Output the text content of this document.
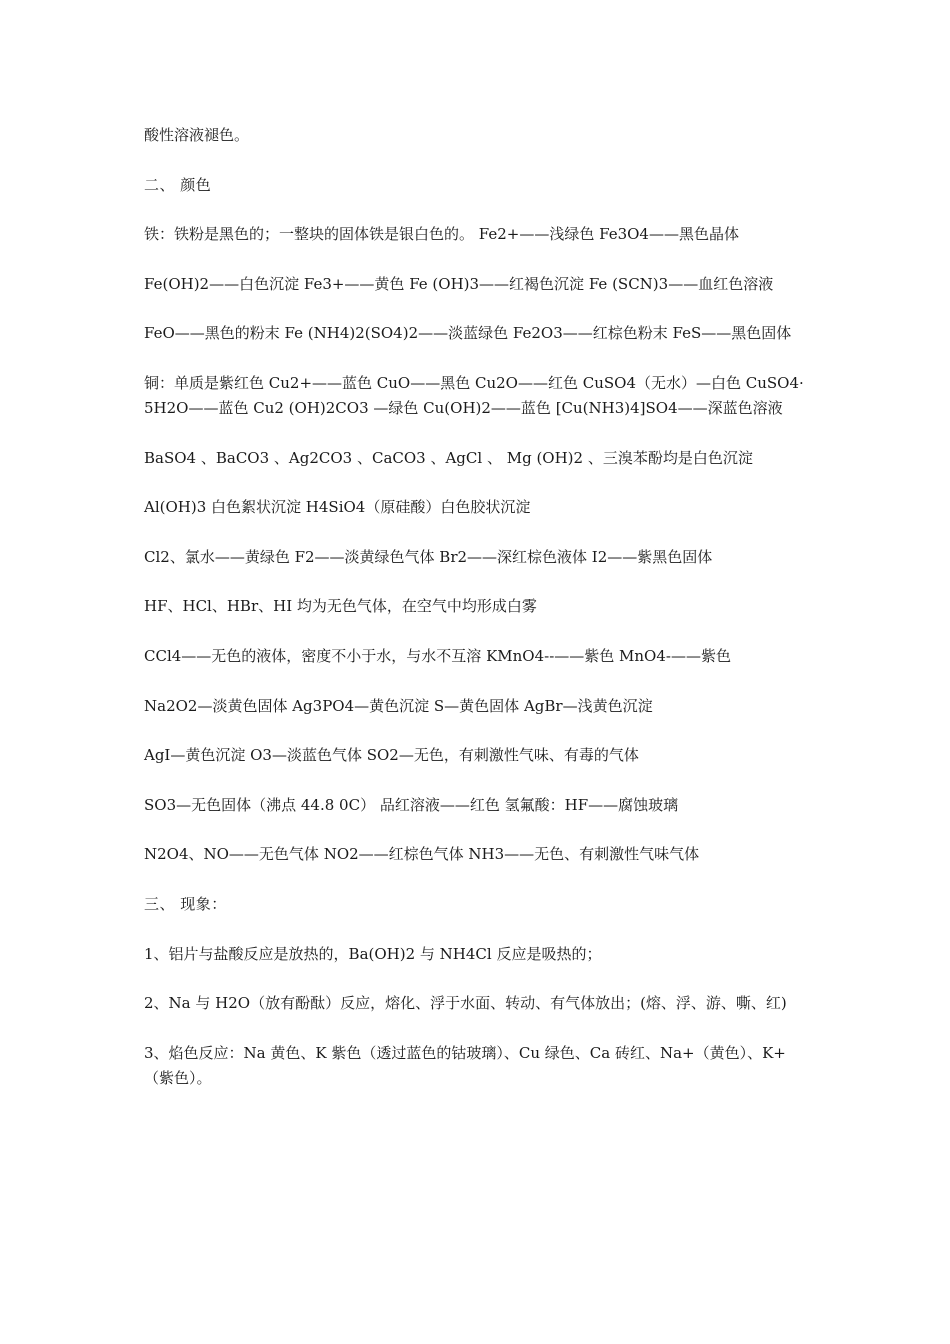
酸性溶液褪色。

二、 颜色

铁：铁粉是黑色的；一整块的固体铁是银白色的。 Fe2+——浅绿色 Fe3O4——黑色晶体

Fe(OH)2——白色沉淀 Fe3+——黄色 Fe (OH)3——红褐色沉淀 Fe (SCN)3——血红色溶液

FeO——黑色的粉末 Fe (NH4)2(SO4)2——淡蓝绿色 Fe2O3——红棕色粉末 FeS——黑色固体

铜：单质是紫红色 Cu2+——蓝色 CuO——黑色 Cu2O——红色 CuSO4（无水）—白色 CuSO4·5H2O——蓝色 Cu2 (OH)2CO3 —绿色 Cu(OH)2——蓝色 [Cu(NH3)4]SO4——深蓝色溶液

BaSO4 、BaCO3 、Ag2CO3 、CaCO3 、AgCl 、 Mg (OH)2 、三溴苯酚均是白色沉淀

Al(OH)3 白色絮状沉淀 H4SiO4（原硅酸）白色胶状沉淀

Cl2、氯水——黄绿色 F2——淡黄绿色气体 Br2——深红棕色液体 I2——紫黑色固体

HF、HCl、HBr、HI 均为无色气体，在空气中均形成白雾

CCl4——无色的液体，密度不小于水，与水不互溶 KMnO4--——紫色 MnO4-——紫色

Na2O2—淡黄色固体 Ag3PO4—黄色沉淀 S—黄色固体 AgBr—浅黄色沉淀

AgI—黄色沉淀 O3—淡蓝色气体 SO2—无色，有刺激性气味、有毒的气体

SO3—无色固体（沸点 44.8 0C） 品红溶液——红色 氢氟酸：HF——腐蚀玻璃

N2O4、NO——无色气体 NO2——红棕色气体 NH3——无色、有刺激性气味气体

三、 现象：

1、铝片与盐酸反应是放热的，Ba(OH)2 与 NH4Cl 反应是吸热的；

2、Na 与 H2O（放有酚酞）反应，熔化、浮于水面、转动、有气体放出；(熔、浮、游、嘶、红)

3、焰色反应：Na 黄色、K 紫色（透过蓝色的钴玻璃）、Cu 绿色、Ca 砖红、Na+（黄色）、K+（紫色）。
